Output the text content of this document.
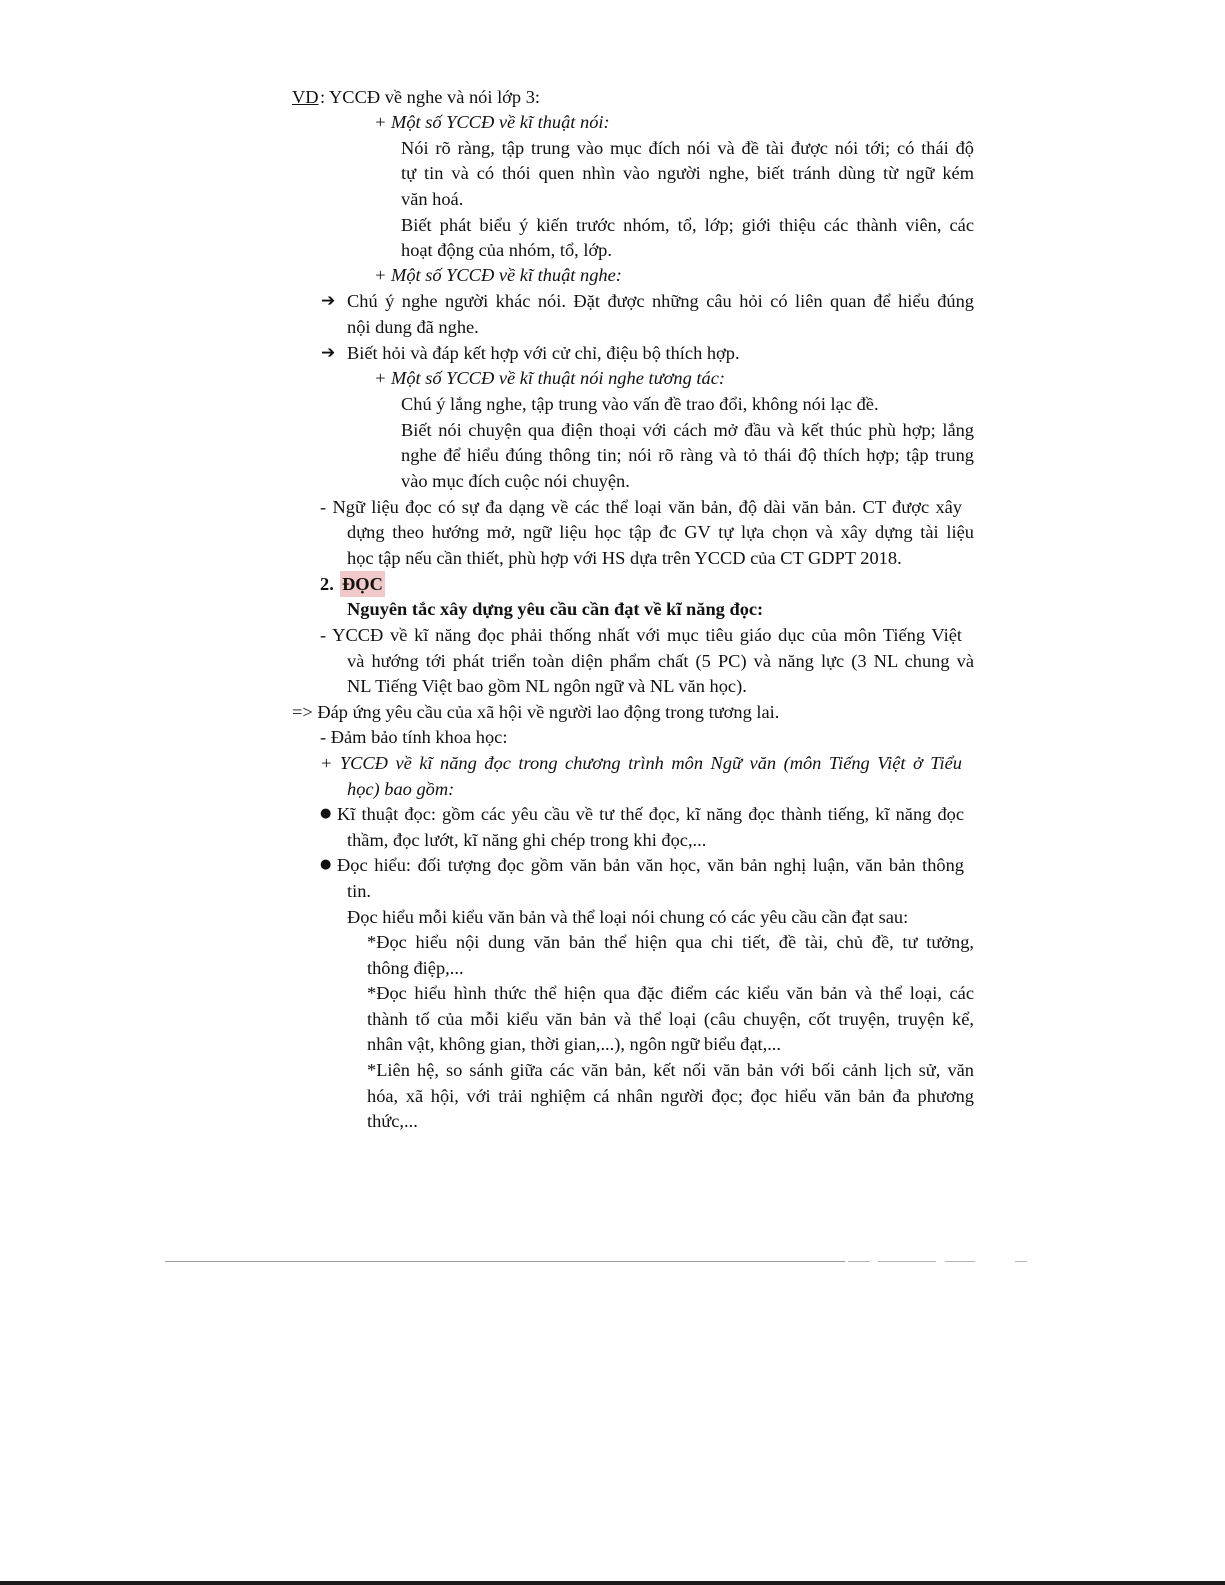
VD : YCCĐ về nghe và nói lớp 3:
+ Một số YCCĐ về kĩ thuật nói:
Nói rõ ràng, tập trung vào mục đích nói và đề tài được nói tới; có thái độ
tự tin và có thói quen nhìn vào người nghe, biết tránh dùng từ ngữ kém
văn hoá.
Biết phát biểu ý kiến trước nhóm, tổ, lớp; giới thiệu các thành viên, các
hoạt động của nhóm, tổ, lớp.
+ Một số YCCĐ về kĩ thuật nghe:
➔ Chú ý nghe người khác nói. Đặt được những câu hỏi có liên quan để hiểu đúng
nội dung đã nghe.
➔ Biết hỏi và đáp kết hợp với cử chỉ, điệu bộ thích hợp.
+ Một số YCCĐ về kĩ thuật nói nghe tương tác:
Chú ý lắng nghe, tập trung vào vấn đề trao đổi, không nói lạc đề.
Biết nói chuyện qua điện thoại với cách mở đầu và kết thúc phù hợp; lắng
nghe để hiểu đúng thông tin; nói rõ ràng và tỏ thái độ thích hợp; tập trung
vào mục đích cuộc nói chuyện.
- Ngữ liệu đọc có sự đa dạng về các thể loại văn bản, độ dài văn bản. CT được xây
dựng theo hướng mở, ngữ liệu học tập đc GV tự lựa chọn và xây dựng tài liệu
học tập nếu cần thiết, phù hợp với HS dựa trên YCCD của CT GDPT 2018.
2. ĐỌC
Nguyên tắc xây dựng yêu cầu cần đạt về kĩ năng đọc:
- YCCĐ về kĩ năng đọc phải thống nhất với mục tiêu giáo dục của môn Tiếng Việt
và hướng tới phát triển toàn diện phẩm chất (5 PC) và năng lực (3 NL chung và
NL Tiếng Việt bao gồm NL ngôn ngữ và NL văn học).
=> Đáp ứng yêu cầu của xã hội về người lao động trong tương lai.
- Đảm bảo tính khoa học:
+ YCCĐ về kĩ năng đọc trong chương trình môn Ngữ văn (môn Tiếng Việt ở Tiểu
học) bao gồm:
● Kĩ thuật đọc: gồm các yêu cầu về tư thế đọc, kĩ năng đọc thành tiếng, kĩ năng đọc
thầm, đọc lướt, kĩ năng ghi chép trong khi đọc,...
● Đọc hiểu: đối tượng đọc gồm văn bản văn học, văn bản nghị luận, văn bản thông
tin.
Đọc hiểu mỗi kiểu văn bản và thể loại nói chung có các yêu cầu cần đạt sau:
*Đọc hiểu nội dung văn bản thể hiện qua chi tiết, đề tài, chủ đề, tư tưởng,
thông điệp,...
*Đọc hiểu hình thức thể hiện qua đặc điểm các kiểu văn bản và thể loại, các
thành tố của mỗi kiểu văn bản và thể loại (câu chuyện, cốt truyện, truyện kể,
nhân vật, không gian, thời gian,...), ngôn ngữ biểu đạt,...
*Liên hệ, so sánh giữa các văn bản, kết nối văn bản với bối cảnh lịch sử, văn
hóa, xã hội, với trải nghiệm cá nhân người đọc; đọc hiểu văn bản đa phương
thức,...
